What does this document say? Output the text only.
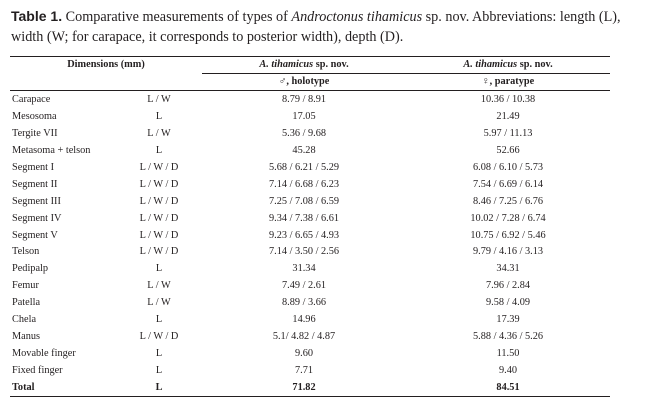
Table 1. Comparative measurements of types of Androctonus tihamicus sp. nov. Abbreviations: length (L), width (W; for carapace, it corresponds to posterior width), depth (D).
Dimensions (mm)		A. tihamicus sp. nov.	A. tihamicus sp. nov.
		♂, holotype	♀, paratype
Carapace	L / W	8.79 / 8.91	10.36 / 10.38
Mesosoma	L	17.05	21.49
Tergite VII	L / W	5.36 / 9.68	5.97 / 11.13
Metasoma + telson	L	45.28	52.66
Segment I	L / W / D	5.68 / 6.21 / 5.29	6.08 / 6.10 / 5.73
Segment II	L / W / D	7.14 / 6.68 / 6.23	7.54 / 6.69 / 6.14
Segment III	L / W / D	7.25 / 7.08 / 6.59	8.46 / 7.25 / 6.76
Segment IV	L / W / D	9.34 / 7.38 / 6.61	10.02 / 7.28 / 6.74
Segment V	L / W / D	9.23 / 6.65 / 4.93	10.75 / 6.92 / 5.46
Telson	L / W / D	7.14 / 3.50 / 2.56	9.79 / 4.16 / 3.13
Pedipalp	L	31.34	34.31
Femur	L / W	7.49 / 2.61	7.96 / 2.84
Patella	L / W	8.89 / 3.66	9.58 / 4.09
Chela	L	14.96	17.39
Manus	L / W / D	5.1/ 4.82 / 4.87	5.88 / 4.36 / 5.26
Movable finger	L	9.60	11.50
Fixed finger	L	7.71	9.40
Total	L	71.82	84.51
